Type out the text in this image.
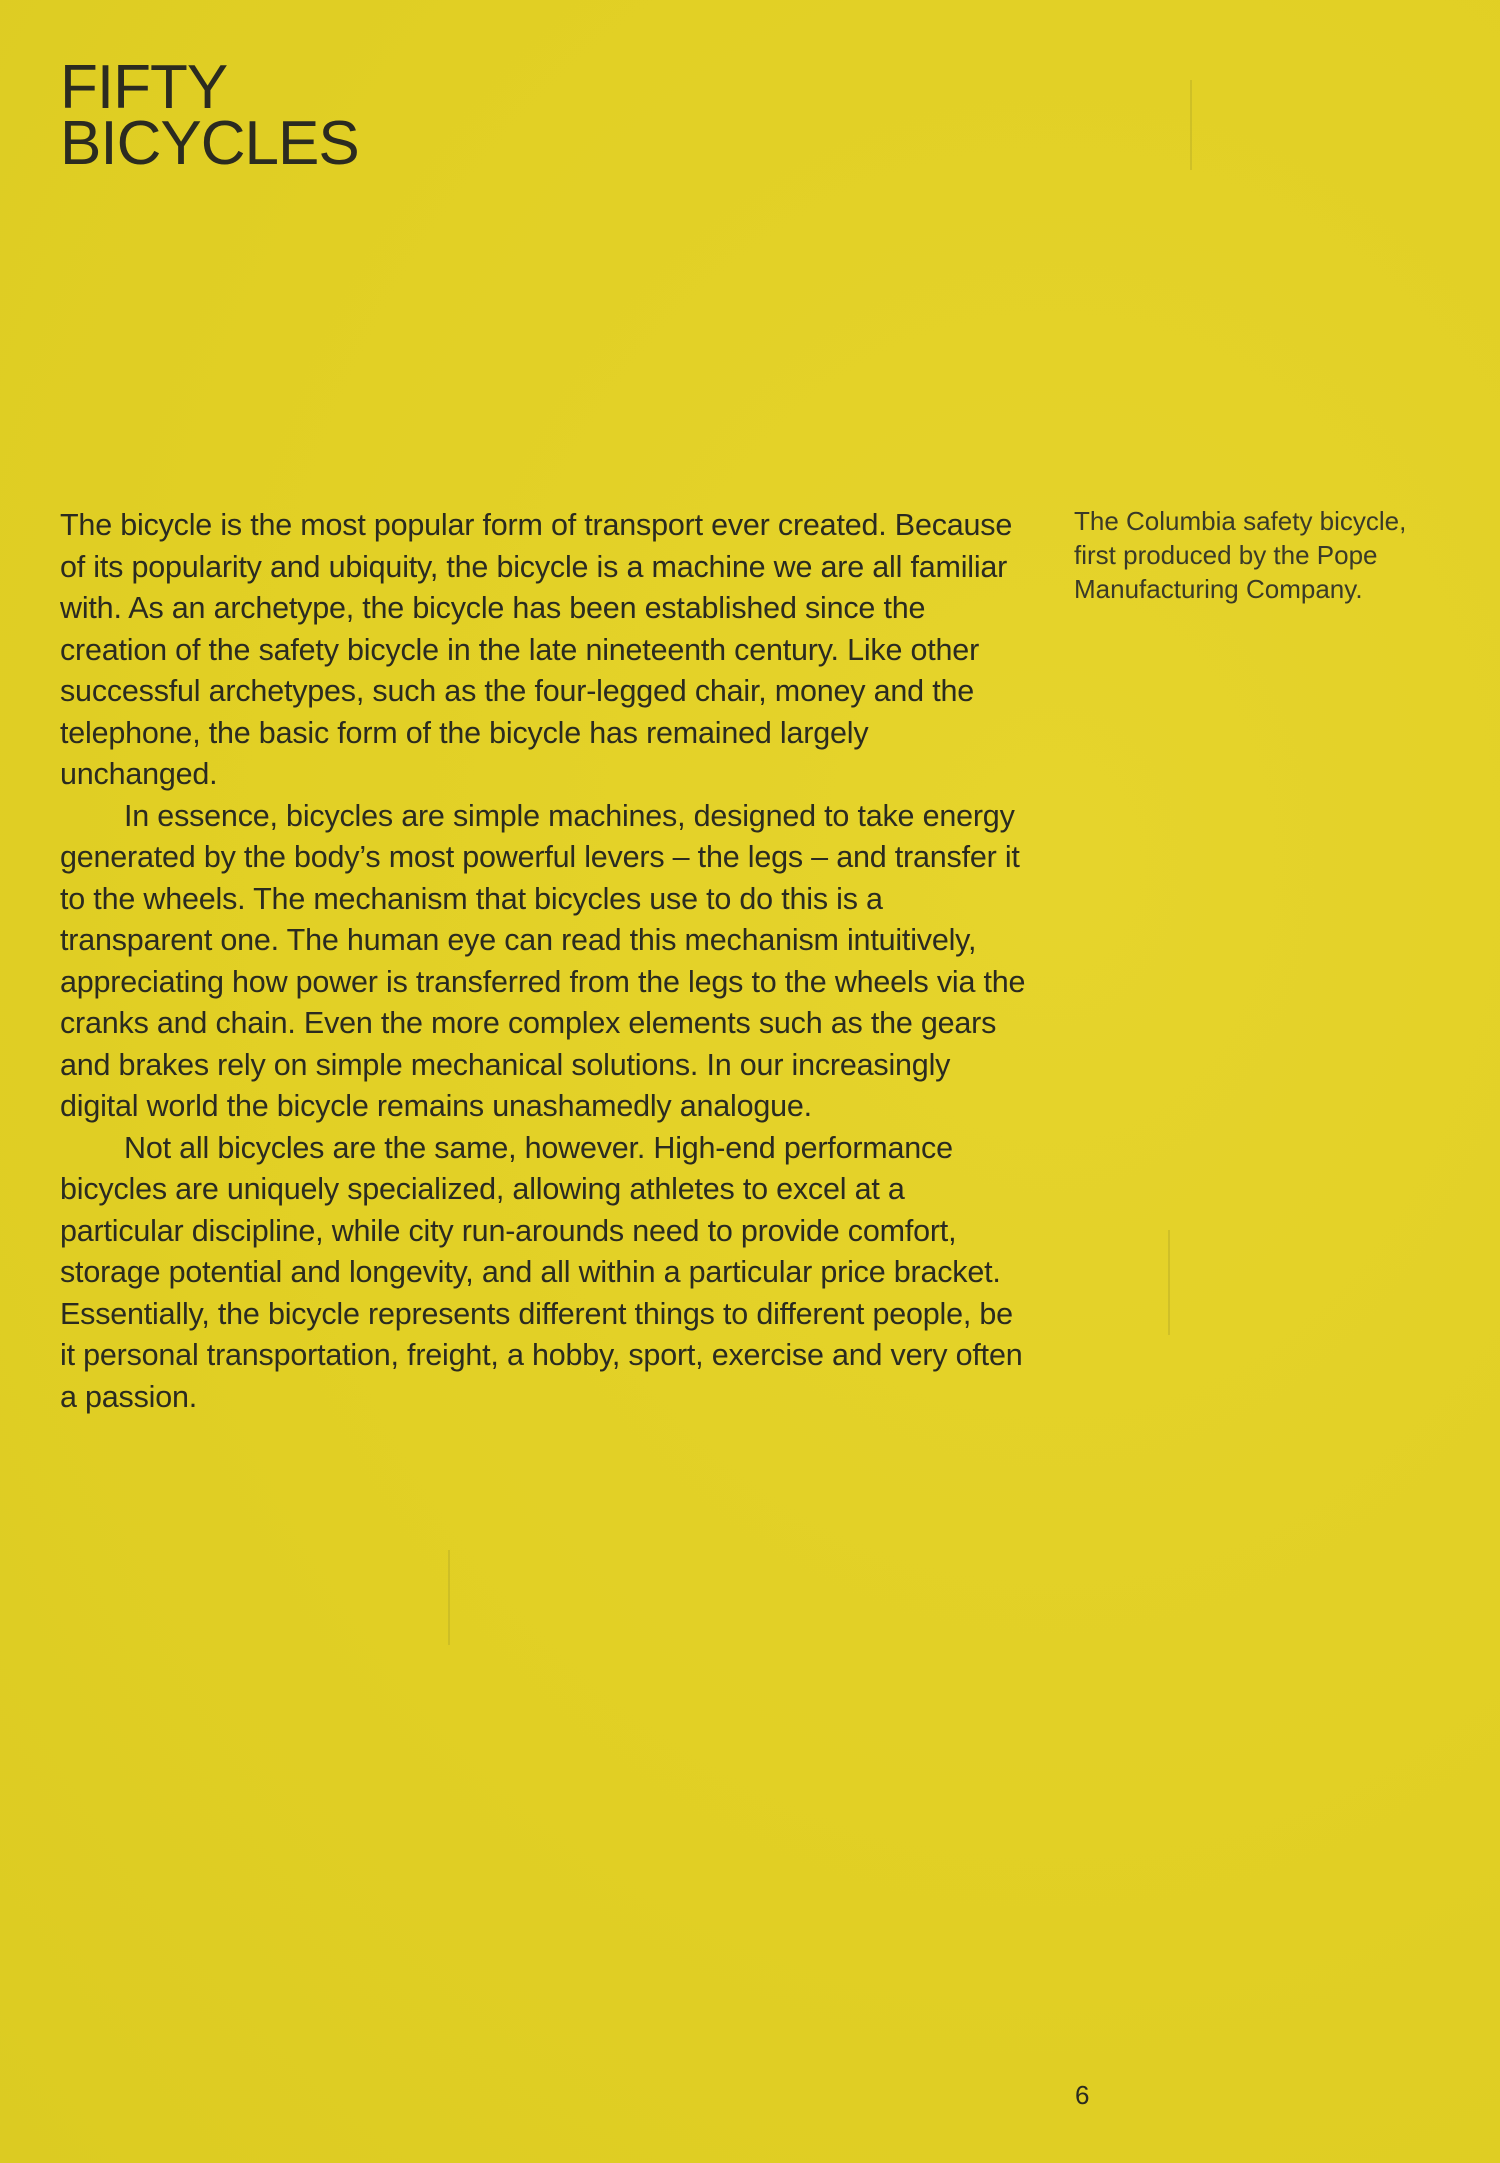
FIFTY
BICYCLES

The bicycle is the most popular form of transport ever created. Because of its popularity and ubiquity, the bicycle is a machine we are all familiar with. As an archetype, the bicycle has been established since the creation of the safety bicycle in the late nineteenth century. Like other successful archetypes, such as the four-legged chair, money and the telephone, the basic form of the bicycle has remained largely unchanged.

In essence, bicycles are simple machines, designed to take energy generated by the body’s most powerful levers – the legs – and transfer it to the wheels. The mechanism that bicycles use to do this is a transparent one. The human eye can read this mechanism intuitively, appreciating how power is transferred from the legs to the wheels via the cranks and chain. Even the more complex elements such as the gears and brakes rely on simple mechanical solutions. In our increasingly digital world the bicycle remains unashamedly analogue.

Not all bicycles are the same, however. High-end performance bicycles are uniquely specialized, allowing athletes to excel at a particular discipline, while city run-arounds need to provide comfort, storage potential and longevity, and all within a particular price bracket. Essentially, the bicycle represents different things to different people, be it personal transportation, freight, a hobby, sport, exercise and very often a passion.

The Columbia safety bicycle, first produced by the Pope Manufacturing Company.

6
